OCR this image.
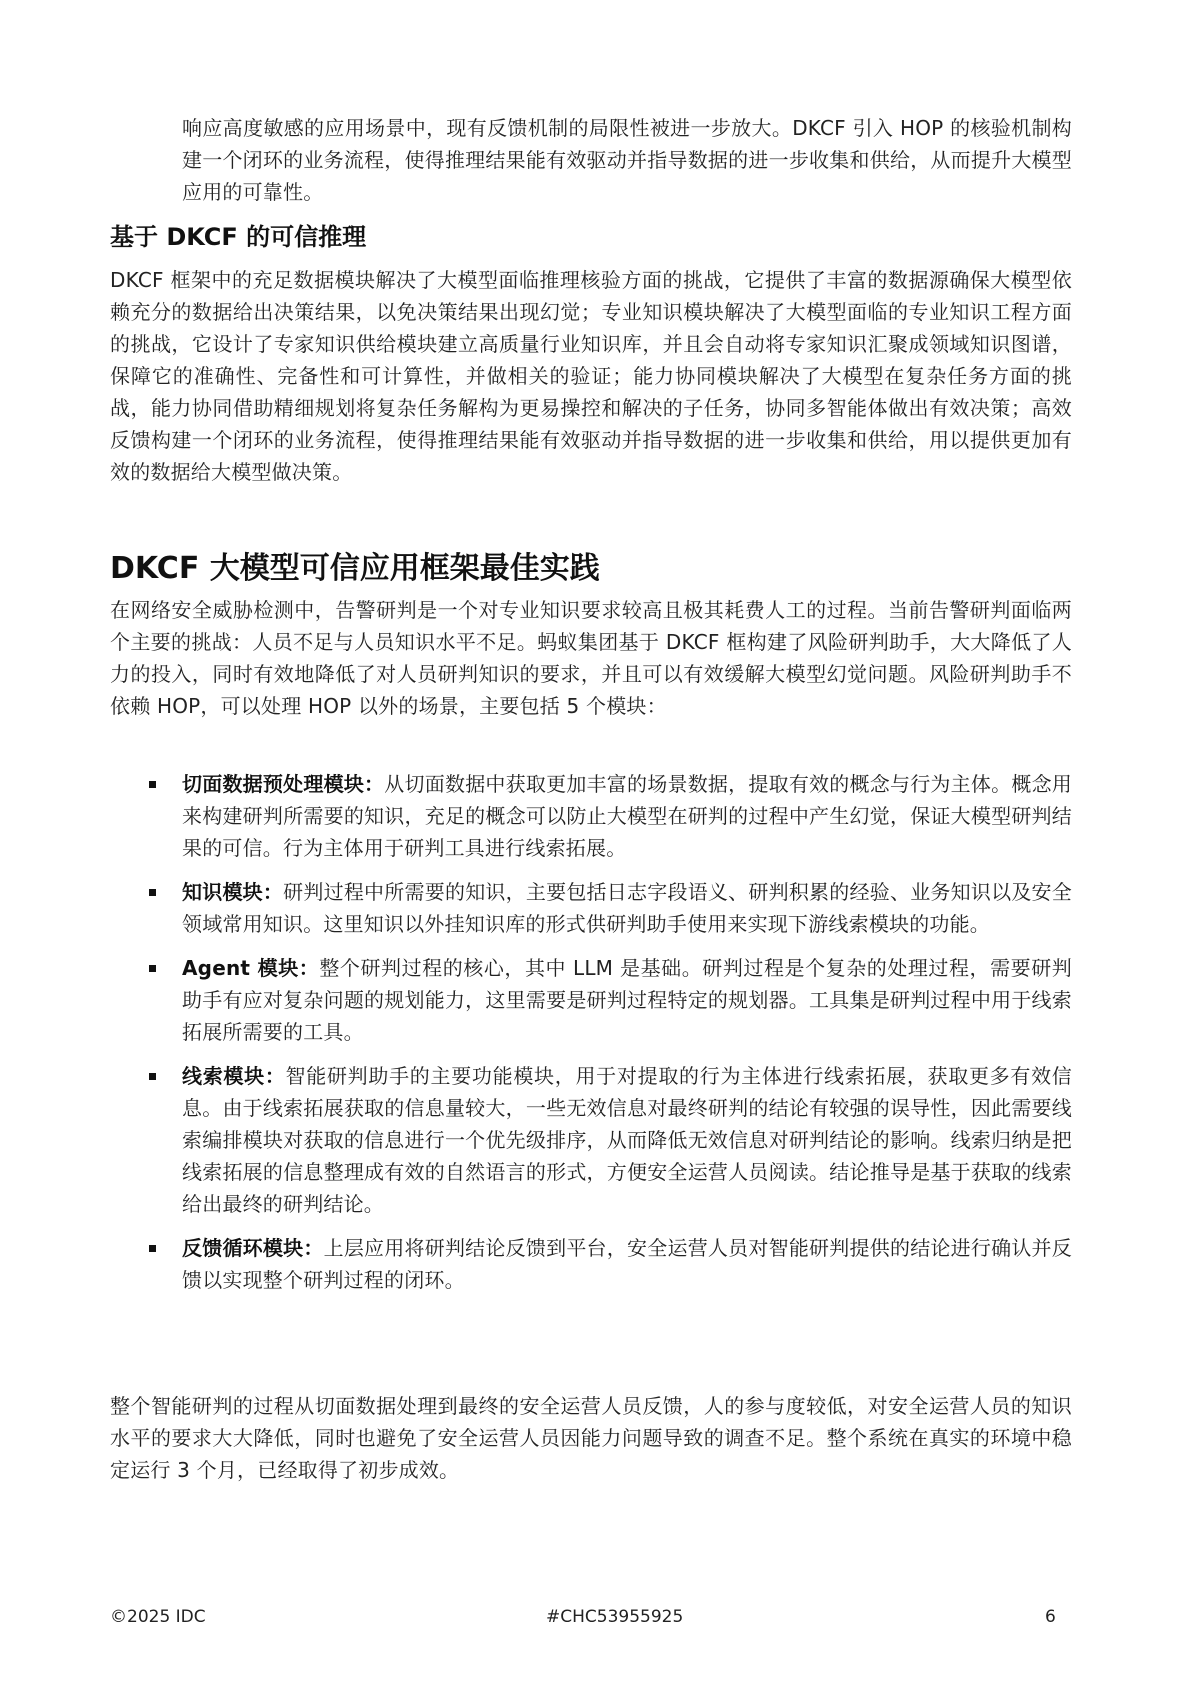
响应高度敏感的应用场景中，现有反馈机制的局限性被进一步放大。DKCF 引入 HOP 的核验机制构建一个闭环的业务流程，使得推理结果能有效驱动并指导数据的进一步收集和供给，从而提升大模型应用的可靠性。

基于 DKCF 的可信推理

DKCF 框架中的充足数据模块解决了大模型面临推理核验方面的挑战，它提供了丰富的数据源确保大模型依赖充分的数据给出决策结果，以免决策结果出现幻觉；专业知识模块解决了大模型面临的专业知识工程方面的挑战，它设计了专家知识供给模块建立高质量行业知识库，并且会自动将专家知识汇聚成领域知识图谱，保障它的准确性、完备性和可计算性，并做相关的验证；能力协同模块解决了大模型在复杂任务方面的挑战，能力协同借助精细规划将复杂任务解构为更易操控和解决的子任务，协同多智能体做出有效决策；高效反馈构建一个闭环的业务流程，使得推理结果能有效驱动并指导数据的进一步收集和供给，用以提供更加有效的数据给大模型做决策。

DKCF 大模型可信应用框架最佳实践

在网络安全威胁检测中，告警研判是一个对专业知识要求较高且极其耗费人工的过程。当前告警研判面临两个主要的挑战：人员不足与人员知识水平不足。蚂蚁集团基于 DKCF 框构建了风险研判助手，大大降低了人力的投入，同时有效地降低了对人员研判知识的要求，并且可以有效缓解大模型幻觉问题。风险研判助手不依赖 HOP，可以处理 HOP 以外的场景，主要包括 5 个模块：

切面数据预处理模块：从切面数据中获取更加丰富的场景数据，提取有效的概念与行为主体。概念用来构建研判所需要的知识，充足的概念可以防止大模型在研判的过程中产生幻觉，保证大模型研判结果的可信。行为主体用于研判工具进行线索拓展。
知识模块：研判过程中所需要的知识，主要包括日志字段语义、研判积累的经验、业务知识以及安全领域常用知识。这里知识以外挂知识库的形式供研判助手使用来实现下游线索模块的功能。
Agent 模块：整个研判过程的核心，其中 LLM 是基础。研判过程是个复杂的处理过程，需要研判助手有应对复杂问题的规划能力，这里需要是研判过程特定的规划器。工具集是研判过程中用于线索拓展所需要的工具。
线索模块：智能研判助手的主要功能模块，用于对提取的行为主体进行线索拓展，获取更多有效信息。由于线索拓展获取的信息量较大，一些无效信息对最终研判的结论有较强的误导性，因此需要线索编排模块对获取的信息进行一个优先级排序，从而降低无效信息对研判结论的影响。线索归纳是把线索拓展的信息整理成有效的自然语言的形式，方便安全运营人员阅读。结论推导是基于获取的线索给出最终的研判结论。
反馈循环模块：上层应用将研判结论反馈到平台，安全运营人员对智能研判提供的结论进行确认并反馈以实现整个研判过程的闭环。

整个智能研判的过程从切面数据处理到最终的安全运营人员反馈，人的参与度较低，对安全运营人员的知识水平的要求大大降低，同时也避免了安全运营人员因能力问题导致的调查不足。整个系统在真实的环境中稳定运行 3 个月，已经取得了初步成效。

©2025 IDC	#CHC53955925	6
